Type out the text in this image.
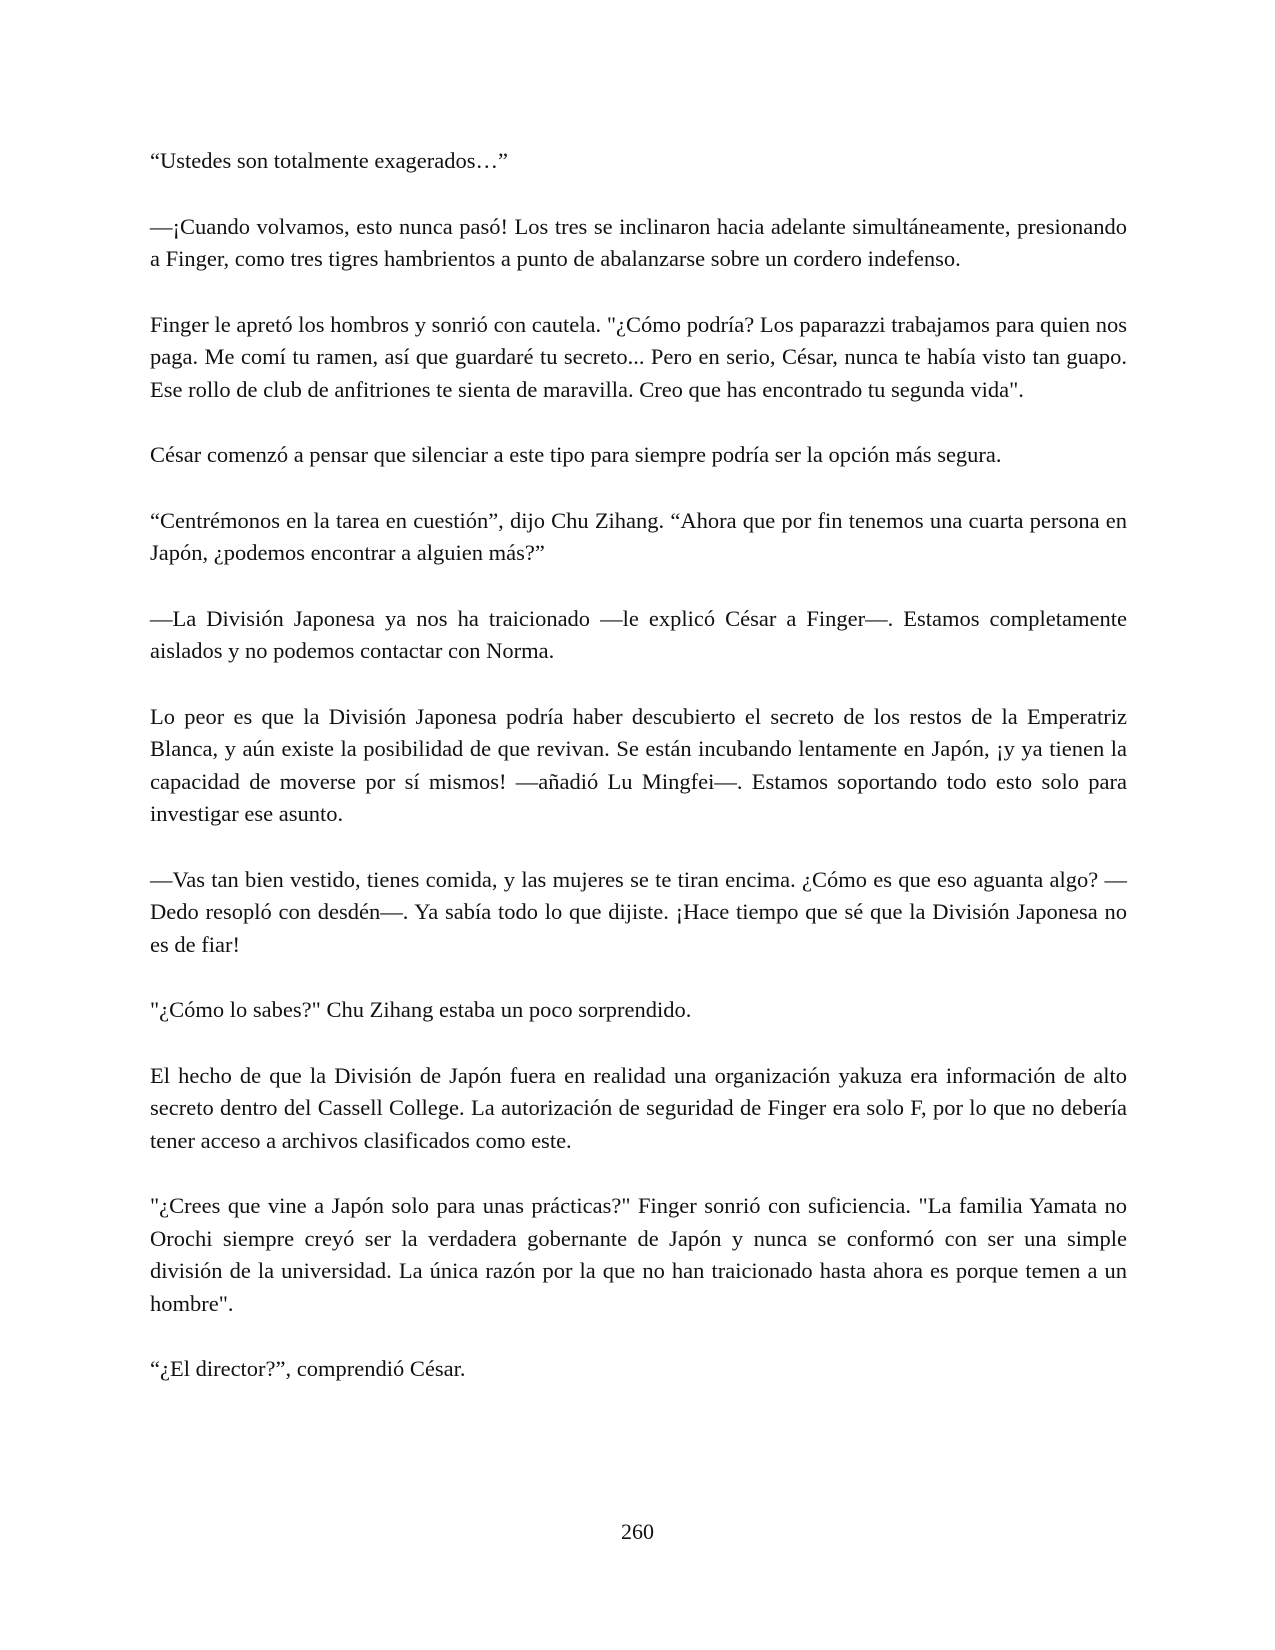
“Ustedes son totalmente exagerados…”

—¡Cuando volvamos, esto nunca pasó! Los tres se inclinaron hacia adelante simultáneamente, presionando a Finger, como tres tigres hambrientos a punto de abalanzarse sobre un cordero indefenso.

Finger le apretó los hombros y sonrió con cautela. "¿Cómo podría? Los paparazzi trabajamos para quien nos paga. Me comí tu ramen, así que guardaré tu secreto... Pero en serio, César, nunca te había visto tan guapo. Ese rollo de club de anfitriones te sienta de maravilla. Creo que has encontrado tu segunda vida".

César comenzó a pensar que silenciar a este tipo para siempre podría ser la opción más segura.

“Centrémonos en la tarea en cuestión”, dijo Chu Zihang. “Ahora que por fin tenemos una cuarta persona en Japón, ¿podemos encontrar a alguien más?”

—La División Japonesa ya nos ha traicionado —le explicó César a Finger—. Estamos completamente aislados y no podemos contactar con Norma.

Lo peor es que la División Japonesa podría haber descubierto el secreto de los restos de la Emperatriz Blanca, y aún existe la posibilidad de que revivan. Se están incubando lentamente en Japón, ¡y ya tienen la capacidad de moverse por sí mismos! —añadió Lu Mingfei—. Estamos soportando todo esto solo para investigar ese asunto.

—Vas tan bien vestido, tienes comida, y las mujeres se te tiran encima. ¿Cómo es que eso aguanta algo? —Dedo resopló con desdén—. Ya sabía todo lo que dijiste. ¡Hace tiempo que sé que la División Japonesa no es de fiar!

"¿Cómo lo sabes?" Chu Zihang estaba un poco sorprendido.

El hecho de que la División de Japón fuera en realidad una organización yakuza era información de alto secreto dentro del Cassell College. La autorización de seguridad de Finger era solo F, por lo que no debería tener acceso a archivos clasificados como este.

"¿Crees que vine a Japón solo para unas prácticas?" Finger sonrió con suficiencia. "La familia Yamata no Orochi siempre creyó ser la verdadera gobernante de Japón y nunca se conformó con ser una simple división de la universidad. La única razón por la que no han traicionado hasta ahora es porque temen a un hombre".

“¿El director?”, comprendió César.

260
